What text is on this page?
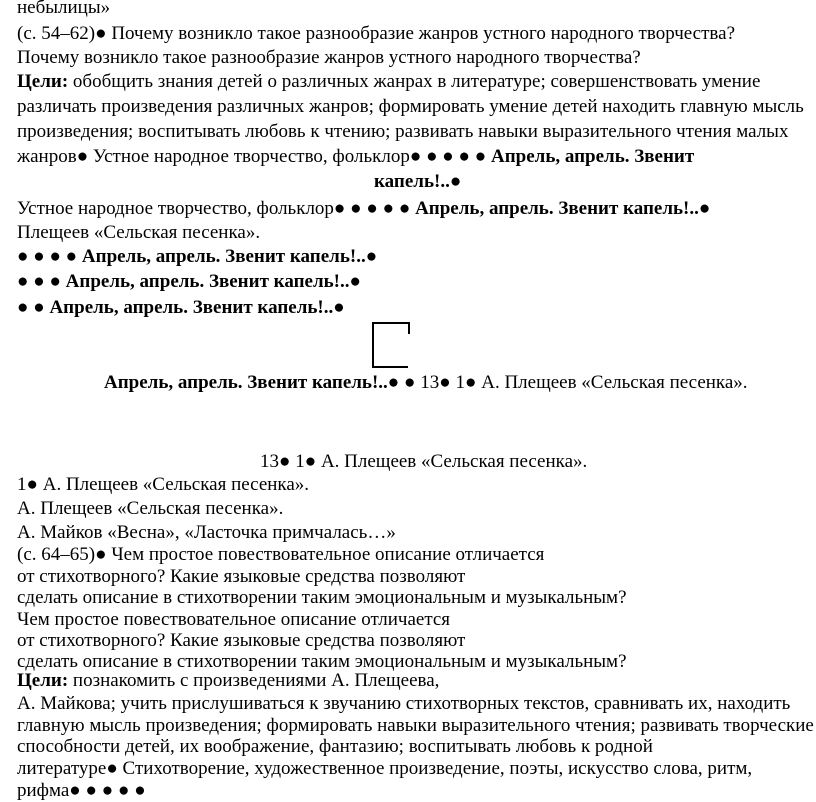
небылицы»
(с. 54–62)● Почему возникло такое разнообразие жанров устного народного творчества?
Почему возникло такое разнообразие жанров устного народного творчества?
Цели: обобщить знания детей о различных жанрах в литературе; совершенствовать умение
различать произведения различных жанров; формировать умение детей находить главную мысль
произведения; воспитывать любовь к чтению; развивать навыки выразительного чтения малых
жанров● Устное народное творчество, фольклор● ● ● ● ● Апрель, апрель. Звенит
капель!..●
Устное народное творчество, фольклор● ● ● ● ● Апрель, апрель. Звенит капель!..●
Плещеев «Сельская песенка».
● ● ● ● Апрель, апрель. Звенит капель!..●
● ● ● Апрель, апрель. Звенит капель!..●
● ● Апрель, апрель. Звенит капель!..●
Апрель, апрель. Звенит капель!..● ● 13● 1● А. Плещеев «Сельская песенка».
13● 1● А. Плещеев «Сельская песенка».
1● А. Плещеев «Сельская песенка».
А. Плещеев «Сельская песенка».
А. Майков «Весна», «Ласточка примчалась…»
(с. 64–65)● Чем простое повествовательное описание отличается
от стихотворного? Какие языковые средства позволяют
сделать описание в стихотворении таким эмоциональным и музыкальным?
Чем простое повествовательное описание отличается
от стихотворного? Какие языковые средства позволяют
сделать описание в стихотворении таким эмоциональным и музыкальным?
Цели: познакомить с произведениями А. Плещеева,
А. Майкова; учить прислушиваться к звучанию стихотворных текстов, сравнивать их, находить
главную мысль произведения; формировать навыки выразительного чтения; развивать творческие
способности детей, их воображение, фантазию; воспитывать любовь к родной
литературе● Стихотворение, художественное произведение, поэты, искусство слова, ритм,
рифма● ● ● ● ●
